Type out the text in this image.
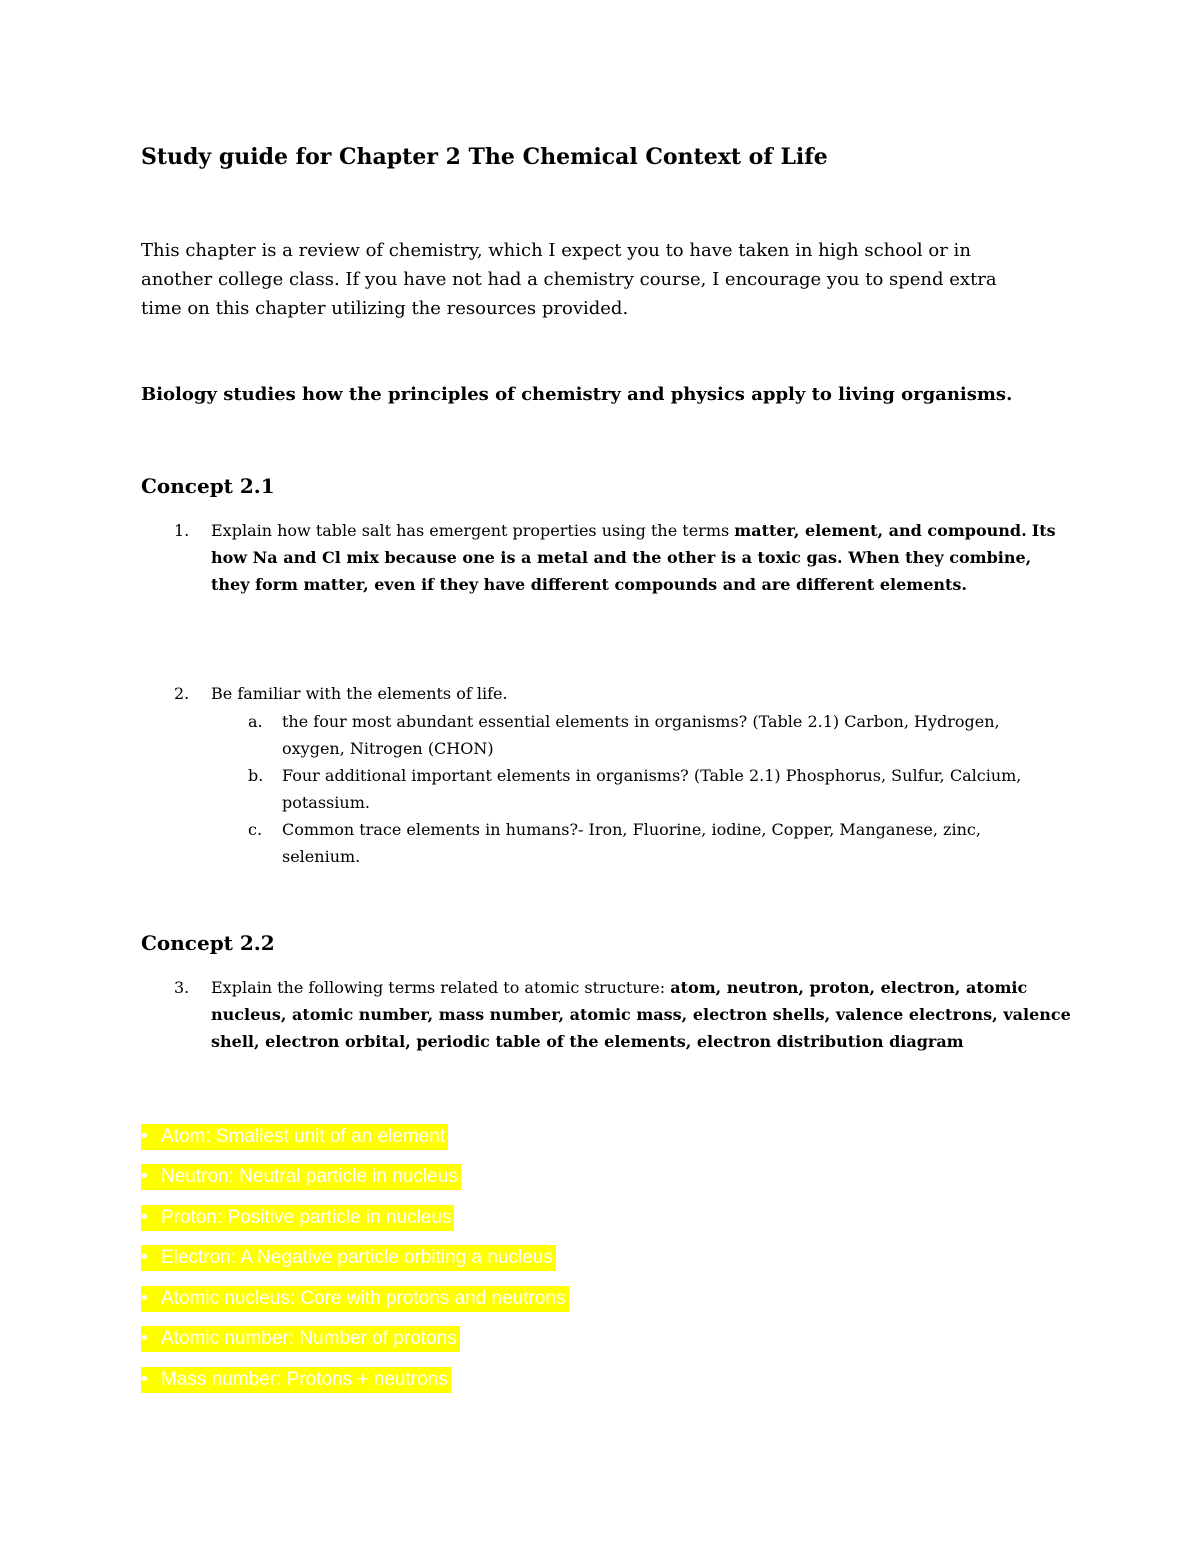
Study guide for Chapter 2 The Chemical Context of Life

This chapter is a review of chemistry, which I expect you to have taken in high school or in another college class. If you have not had a chemistry course, I encourage you to spend extra time on this chapter utilizing the resources provided.

Biology studies how the principles of chemistry and physics apply to living organisms.

Concept 2.1
1. Explain how table salt has emergent properties using the terms matter, element, and compound. Its how Na and Cl mix because one is a metal and the other is a toxic gas. When they combine, they form matter, even if they have different compounds and are different elements.
2. Be familiar with the elements of life.
a. the four most abundant essential elements in organisms? (Table 2.1) Carbon, Hydrogen, oxygen, Nitrogen (CHON)
b. Four additional important elements in organisms? (Table 2.1) Phosphorus, Sulfur, Calcium, potassium.
c. Common trace elements in humans?- Iron, Fluorine, iodine, Copper, Manganese, zinc, selenium.
Concept 2.2
3. Explain the following terms related to atomic structure: atom, neutron, proton, electron, atomic nucleus, atomic number, mass number, atomic mass, electron shells, valence electrons, valence shell, electron orbital, periodic table of the elements, electron distribution diagram
• Atom: Smallest unit of an element
• Neutron: Neutral particle in nucleus
• Proton: Positive particle in nucleus
• Electron: A Negative particle orbiting a nucleus
• Atomic nucleus: Core with protons and neutrons
• Atomic number: Number of protons
• Mass number: Protons + neutrons
